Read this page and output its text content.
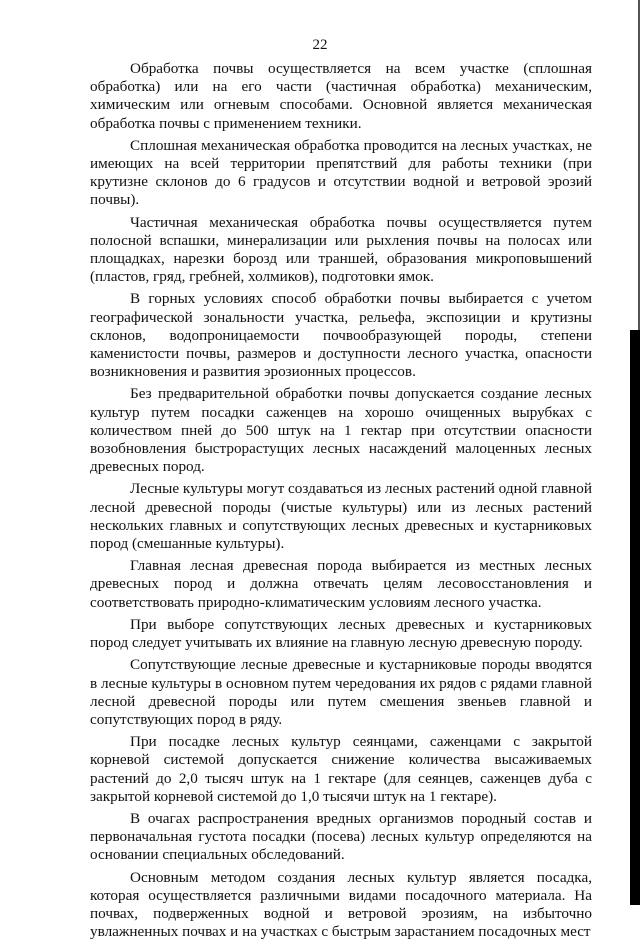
22

Обработка почвы осуществляется на всем участке (сплошная обработка) или на его части (частичная обработка) механическим, химическим или огневым способами. Основной является механическая обработка почвы с применением техники.

Сплошная механическая обработка проводится на лесных участках, не имеющих на всей территории препятствий для работы техники (при крутизне склонов до 6 градусов и отсутствии водной и ветровой эрозий почвы).

Частичная механическая обработка почвы осуществляется путем полосной вспашки, минерализации или рыхления почвы на полосах или площадках, нарезки борозд или траншей, образования микроповышений (пластов, гряд, гребней, холмиков), подготовки ямок.

В горных условиях способ обработки почвы выбирается с учетом географической зональности участка, рельефа, экспозиции и крутизны склонов, водопроницаемости почвообразующей породы, степени каменистости почвы, размеров и доступности лесного участка, опасности возникновения и развития эрозионных процессов.

Без предварительной обработки почвы допускается создание лесных культур путем посадки саженцев на хорошо очищенных вырубках с количеством пней до 500 штук на 1 гектар при отсутствии опасности возобновления быстрорастущих лесных насаждений малоценных лесных древесных пород.

Лесные культуры могут создаваться из лесных растений одной главной лесной древесной породы (чистые культуры) или из лесных растений нескольких главных и сопутствующих лесных древесных и кустарниковых пород (смешанные культуры).

Главная лесная древесная порода выбирается из местных лесных древесных пород и должна отвечать целям лесовосстановления и соответствовать природно-климатическим условиям лесного участка.

При выборе сопутствующих лесных древесных и кустарниковых пород следует учитывать их влияние на главную лесную древесную породу.

Сопутствующие лесные древесные и кустарниковые породы вводятся в лесные культуры в основном путем чередования их рядов с рядами главной лесной древесной породы или путем смешения звеньев главной и сопутствующих пород в ряду.

При посадке лесных культур сеянцами, саженцами с закрытой корневой системой допускается снижение количества высаживаемых растений до 2,0 тысяч штук на 1 гектаре (для сеянцев, саженцев дуба с закрытой корневой системой до 1,0 тысячи штук на 1 гектаре).

В очагах распространения вредных организмов породный состав и первоначальная густота посадки (посева) лесных культур определяются на основании специальных обследований.

Основным методом создания лесных культур является посадка, которая осуществляется различными видами посадочного материала. На почвах, подверженных водной и ветровой эрозиям, на избыточно увлажненных почвах и на участках с быстрым зарастанием посадочных мест
